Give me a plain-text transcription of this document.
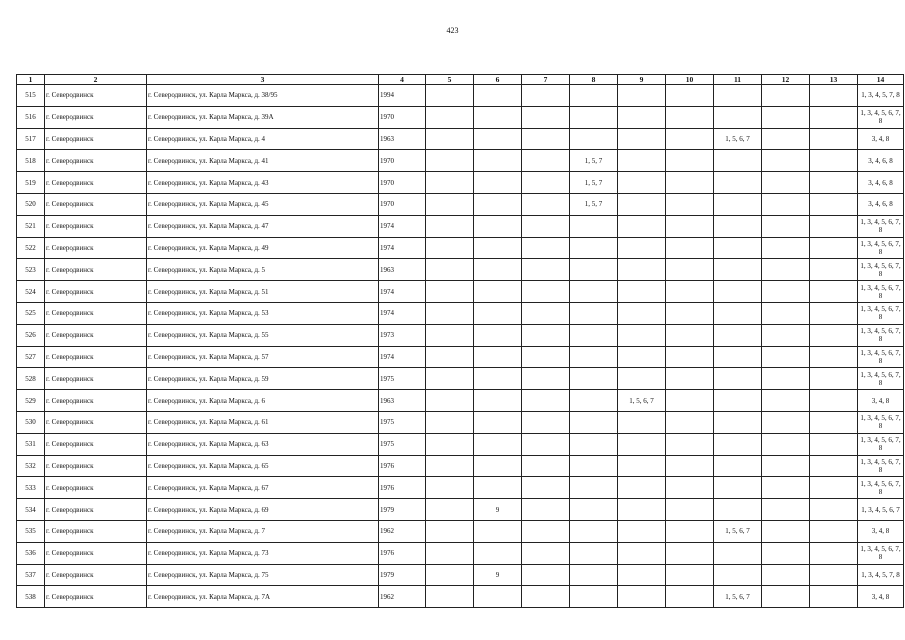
423
1	2	3	4	5	6	7	8	9	10	11	12	13	14
515	г. Северодвинск	г. Северодвинск, ул. Карла Маркса, д. 38/95	1994										1, 3, 4, 5, 7, 8
516	г. Северодвинск	г. Северодвинск, ул. Карла Маркса, д. 39А	1970										1, 3, 4, 5, 6, 7, 8
517	г. Северодвинск	г. Северодвинск, ул. Карла Маркса, д. 4	1963							1, 5, 6, 7			3, 4, 8
518	г. Северодвинск	г. Северодвинск, ул. Карла Маркса, д. 41	1970				1, 5, 7						3, 4, 6, 8
519	г. Северодвинск	г. Северодвинск, ул. Карла Маркса, д. 43	1970				1, 5, 7						3, 4, 6, 8
520	г. Северодвинск	г. Северодвинск, ул. Карла Маркса, д. 45	1970				1, 5, 7						3, 4, 6, 8
521	г. Северодвинск	г. Северодвинск, ул. Карла Маркса, д. 47	1974										1, 3, 4, 5, 6, 7, 8
522	г. Северодвинск	г. Северодвинск, ул. Карла Маркса, д. 49	1974										1, 3, 4, 5, 6, 7, 8
523	г. Северодвинск	г. Северодвинск, ул. Карла Маркса, д. 5	1963										1, 3, 4, 5, 6, 7, 8
524	г. Северодвинск	г. Северодвинск, ул. Карла Маркса, д. 51	1974										1, 3, 4, 5, 6, 7, 8
525	г. Северодвинск	г. Северодвинск, ул. Карла Маркса, д. 53	1974										1, 3, 4, 5, 6, 7, 8
526	г. Северодвинск	г. Северодвинск, ул. Карла Маркса, д. 55	1973										1, 3, 4, 5, 6, 7, 8
527	г. Северодвинск	г. Северодвинск, ул. Карла Маркса, д. 57	1974										1, 3, 4, 5, 6, 7, 8
528	г. Северодвинск	г. Северодвинск, ул. Карла Маркса, д. 59	1975										1, 3, 4, 5, 6, 7, 8
529	г. Северодвинск	г. Северодвинск, ул. Карла Маркса, д. 6	1963					1, 5, 6, 7					3, 4, 8
530	г. Северодвинск	г. Северодвинск, ул. Карла Маркса, д. 61	1975										1, 3, 4, 5, 6, 7, 8
531	г. Северодвинск	г. Северодвинск, ул. Карла Маркса, д. 63	1975										1, 3, 4, 5, 6, 7, 8
532	г. Северодвинск	г. Северодвинск, ул. Карла Маркса, д. 65	1976										1, 3, 4, 5, 6, 7, 8
533	г. Северодвинск	г. Северодвинск, ул. Карла Маркса, д. 67	1976										1, 3, 4, 5, 6, 7, 8
534	г. Северодвинск	г. Северодвинск, ул. Карла Маркса, д. 69	1979		9								1, 3, 4, 5, 6, 7
535	г. Северодвинск	г. Северодвинск, ул. Карла Маркса, д. 7	1962							1, 5, 6, 7			3, 4, 8
536	г. Северодвинск	г. Северодвинск, ул. Карла Маркса, д. 73	1976										1, 3, 4, 5, 6, 7, 8
537	г. Северодвинск	г. Северодвинск, ул. Карла Маркса, д. 75	1979		9								1, 3, 4, 5, 7, 8
538	г. Северодвинск	г. Северодвинск, ул. Карла Маркса, д. 7А	1962							1, 5, 6, 7			3, 4, 8
